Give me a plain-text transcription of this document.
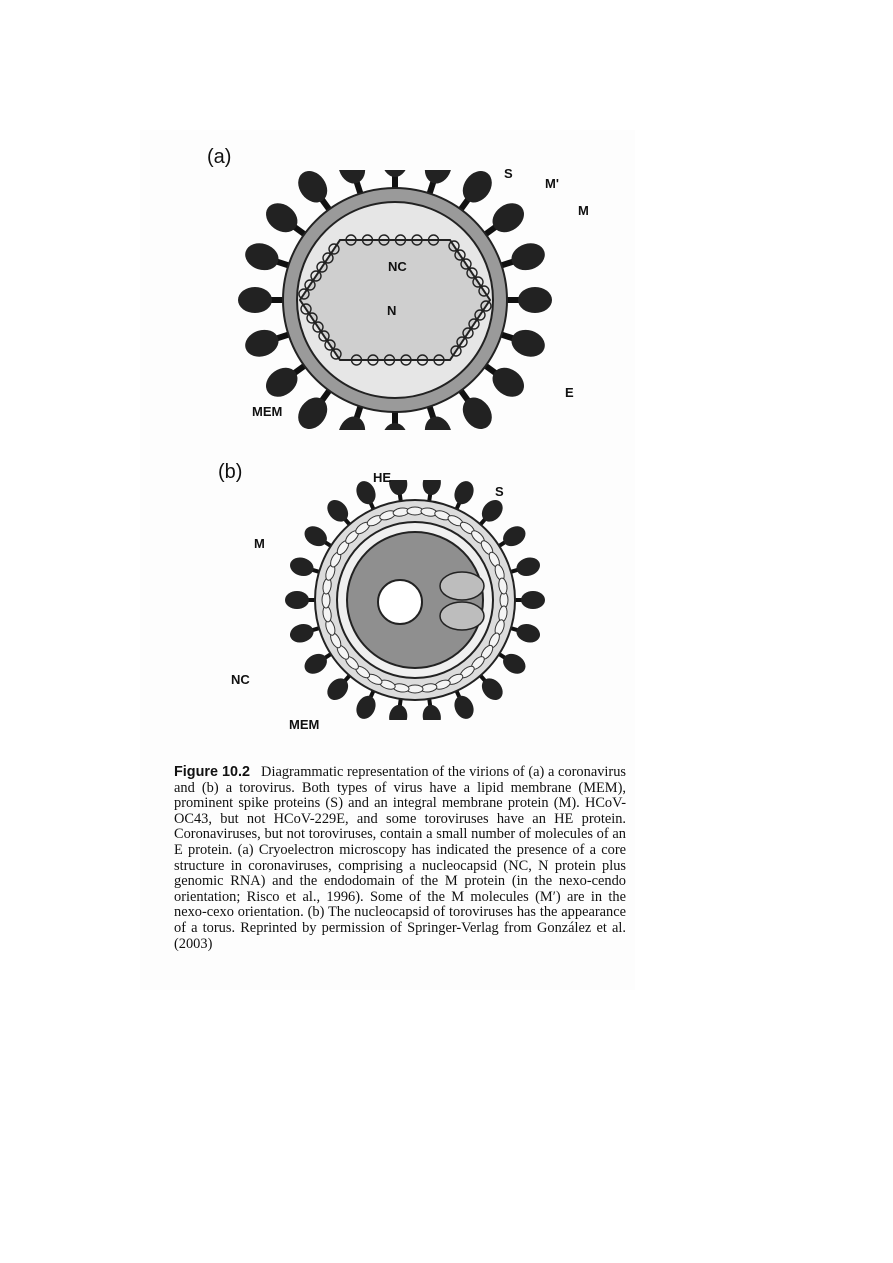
(a)
S
M'
M
NC
N
E
MEM
(b)	HE
S
M
NC
MEM
Figure 10.2 Diagrammatic representation of the virions of (a) a coronavirus and (b) a torovirus. Both types of virus have a lipid membrane (MEM), prominent spike proteins (S) and an integral membrane protein (M). HCoV-OC43, but not HCoV-229E, and some toroviruses have an HE protein. Coronaviruses, but not toroviruses, contain a small number of molecules of an E protein. (a) Cryoelectron microscopy has indicated the presence of a core structure in coronaviruses, comprising a nucleocapsid (NC, N protein plus genomic RNA) and the endodomain of the M protein (in the nexo-cendo orientation; Risco et al., 1996). Some of the M molecules (M′) are in the nexo-cexo orientation. (b) The nucleocapsid of toroviruses has the appearance of a torus. Reprinted by permission of Springer-Verlag from González et al. (2003)
